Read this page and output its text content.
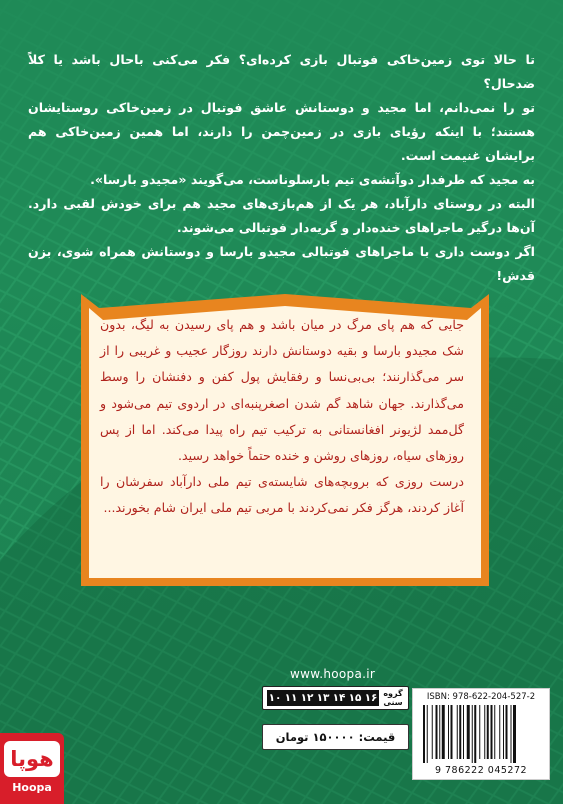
تا حالا توی زمین‌خاکی فوتبال بازی کرده‌ای؟ فکر می‌کنی باحال باشد یا کلاً ضدحال؟

تو را نمی‌دانم، اما مجید و دوستانش عاشق فوتبال در زمین‌خاکی روستایشان هستند؛ با اینکه رؤیای بازی در زمین‌چمن را دارند، اما همین زمین‌خاکی هم برایشان غنیمت است.

به مجید که طرفدار دوآتشه‌ی تیم بارسلوناست، می‌گویند «مجیدو بارسا».

البته در روستای دارآباد، هر یک از هم‌بازی‌های مجید هم برای خودش لقبی دارد. آن‌ها درگیر ماجراهای خنده‌دار و گریه‌دار فوتبالی می‌شوند.

اگر دوست داری با ماجراهای فوتبالی مجیدو بارسا و دوستانش همراه شوی، بزن قدش!

جایی که هم پای مرگ در میان باشد و هم پای رسیدن به لیگ، بدون شک مجیدو بارسا و بقیه دوستانش دارند روزگار عجیب و غریبی را از سر می‌گذارنند؛ بی‌بی‌نسا و رفقایش پول کفن و دفنشان را وسط می‌گذارند. جهان شاهد گم شدن اصغرپنبه‌ای در اردوی تیم می‌شود و گل‌ممد لژیونر افغانستانی به ترکیب تیم راه پیدا می‌کند. اما از پس روزهای سیاه، روزهای روشن و خنده حتماً خواهد رسید.

درست روزی که بروبچه‌های شایسته‌ی تیم ملی دارآباد سفرشان را آغاز کردند، هرگز فکر نمی‌کردند با مربی تیم ملی ایران شام بخورند...

www.hoopa.ir
۱۰ ۱۱ ۱۲ ۱۳ ۱۴ ۱۵ ۱۶ گروه سنی
قیمت: ۱۵۰۰۰۰ تومان
ISBN: 978-622-204-527-2
9 786222 045272
هوپا
Hoopa
